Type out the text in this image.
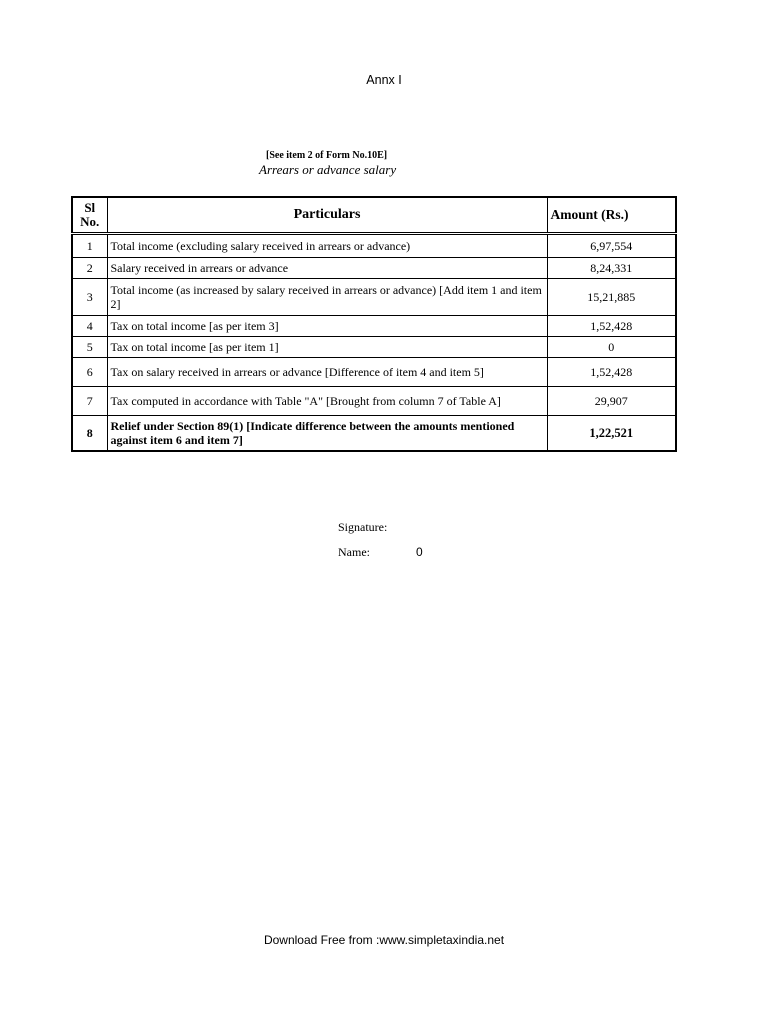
Annx I
[See item 2 of Form No.10E]
Arrears or advance salary
Sl No.	Particulars	Amount (Rs.)
1	Total income (excluding salary received in arrears or advance)	6,97,554
2	Salary received in arrears or advance	8,24,331
3	Total income (as increased by salary received in arrears or advance) [Add item 1 and item 2]	15,21,885
4	Tax on total income [as per item 3]	1,52,428
5	Tax on total income [as per item 1]	0
6	Tax on salary received in arrears or advance [Difference of item 4 and item 5]	1,52,428
7	Tax computed in accordance with Table "A" [Brought from column 7 of Table A]	29,907
8	Relief under Section 89(1) [Indicate difference between the amounts mentioned against item 6 and item 7]	1,22,521
Signature:
Name:	0
Download Free from :www.simpletaxindia.net
